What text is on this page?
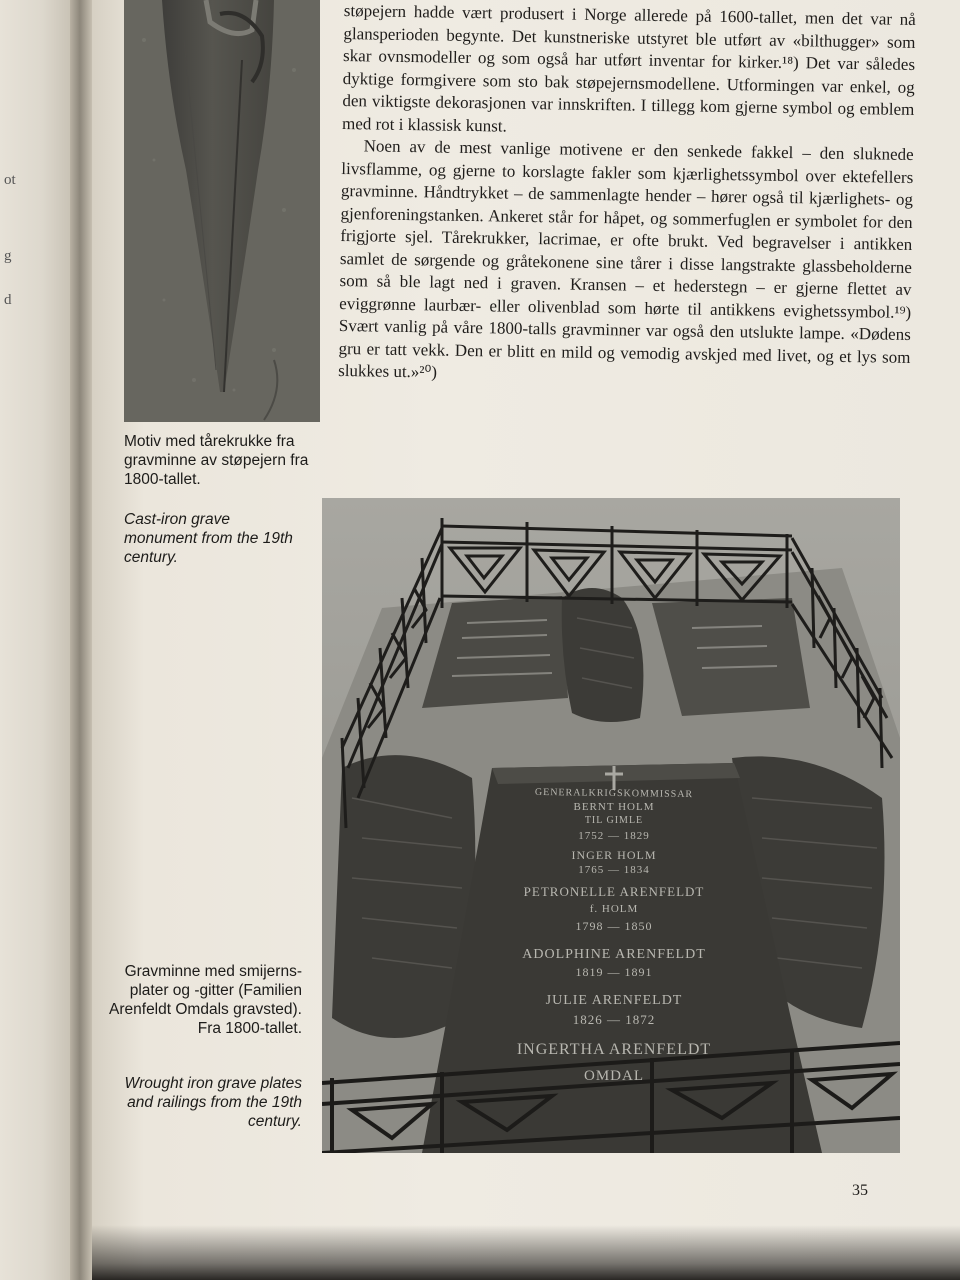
ot
g
d
Motiv med tårekrukke fra gravminne av støpejern fra 1800-tallet.
Cast-iron grave monument from the 19th century.

støpejern hadde vært produsert i Norge allerede på 1600-tallet, men det var nå glansperioden begynte. Det kunstneriske utstyret ble utført av «bilthugger» som skar ovnsmodeller og som også har utført inventar for kirker.¹⁸) Det var således dyktige formgivere som sto bak støpejernsmodellene. Utformingen var enkel, og den viktigste dekorasjonen var innskriften. I tillegg kom gjerne symbol og emblem med rot i klassisk kunst.

Noen av de mest vanlige motivene er den senkede fakkel – den sluknede livsflamme, og gjerne to korslagte fakler som kjærlighetssymbol over ektefellers gravminne. Håndtrykket – de sammenlagte hender – hører også til kjærlighets- og gjenforeningstanken. Ankeret står for håpet, og sommerfuglen er symbolet for den frigjorte sjel. Tårekrukker, lacrimae, er ofte brukt. Ved begravelser i antikken samlet de sørgende og gråtekonene sine tårer i disse langstrakte glassbeholderne som så ble lagt ned i graven. Kransen – et hederstegn – er gjerne flettet av eviggrønne laurbær- eller olivenblad som hørte til antikkens evighetssymbol.¹⁹) Svært vanlig på våre 1800-talls gravminner var også den utslukte lampe. «Dødens gru er tatt vekk. Den er blitt en mild og vemodig avskjed med livet, og et lys som slukkes ut.»²⁰)

GENERALKRIGSKOMMISSAR
BERNT HOLM
TIL GIMLE
1752 — 1829
INGER HOLM
1765 — 1834
PETRONELLE ARENFELDT
f. HOLM
1798 — 1850
ADOLPHINE ARENFELDT
1819 — 1891
JULIE ARENFELDT
1826 — 1872
INGERTHA ARENFELDT
OMDAL
Gravminne med smijerns-plater og -gitter (Familien Arenfeldt Omdals gravsted). Fra 1800-tallet.
Wrought iron grave plates and railings from the 19th century.
35
